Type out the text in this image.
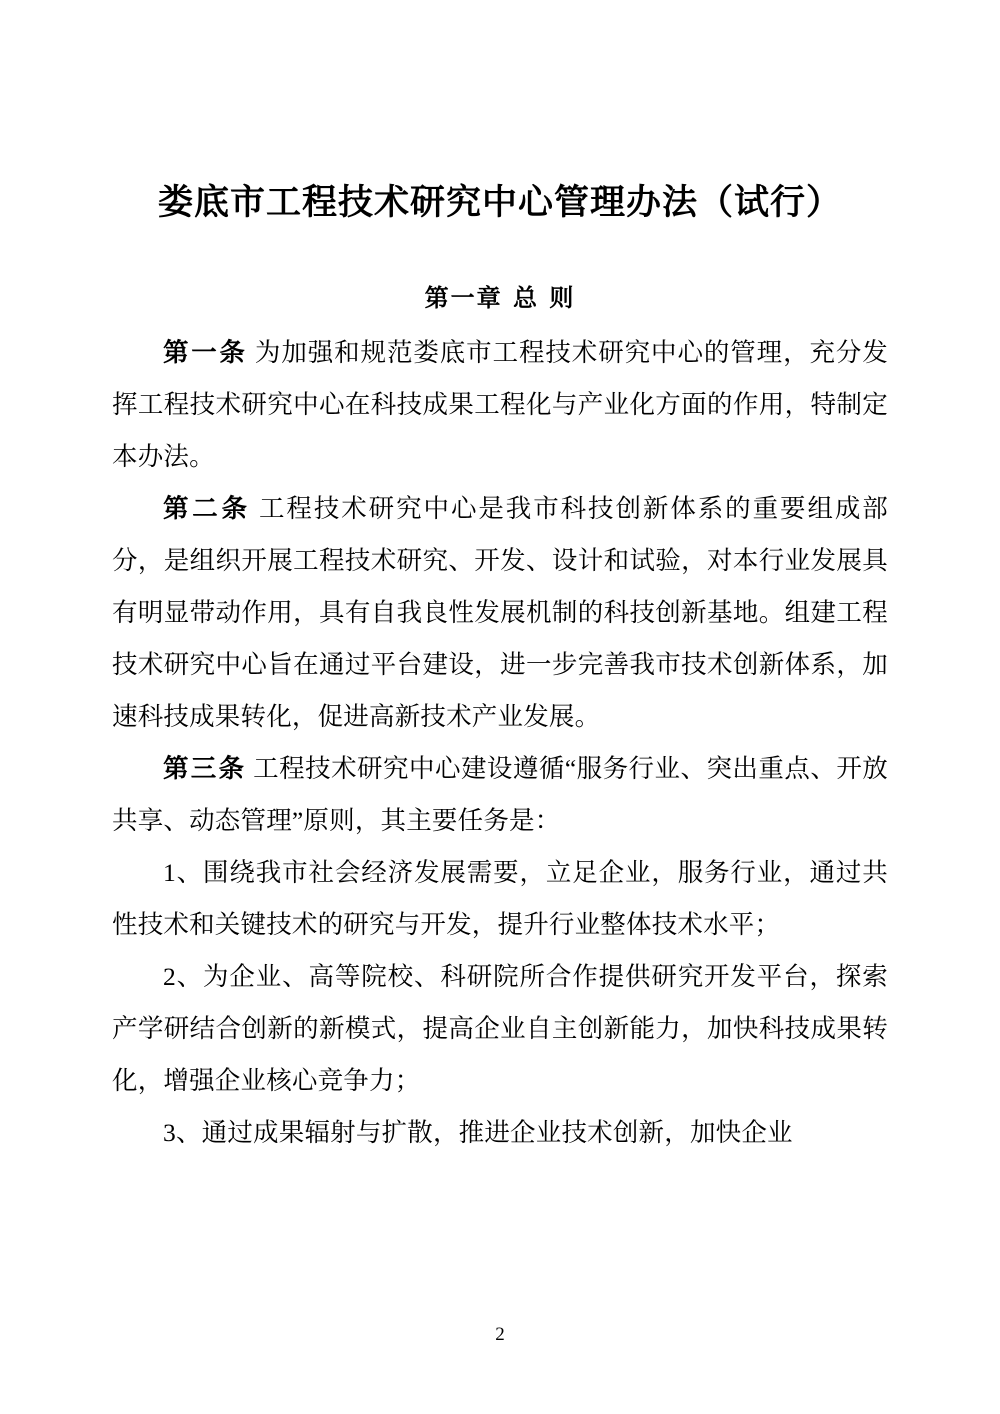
娄底市工程技术研究中心管理办法（试行）
第一章 总 则

第一条 为加强和规范娄底市工程技术研究中心的管理，充分发挥工程技术研究中心在科技成果工程化与产业化方面的作用，特制定本办法。

第二条 工程技术研究中心是我市科技创新体系的重要组成部分，是组织开展工程技术研究、开发、设计和试验，对本行业发展具有明显带动作用，具有自我良性发展机制的科技创新基地。组建工程技术研究中心旨在通过平台建设，进一步完善我市技术创新体系，加速科技成果转化，促进高新技术产业发展。

第三条 工程技术研究中心建设遵循“服务行业、突出重点、开放共享、动态管理”原则，其主要任务是：

1、围绕我市社会经济发展需要，立足企业，服务行业，通过共性技术和关键技术的研究与开发，提升行业整体技术水平；

2、为企业、高等院校、科研院所合作提供研究开发平台，探索产学研结合创新的新模式，提高企业自主创新能力，加快科技成果转化，增强企业核心竞争力；

3、通过成果辐射与扩散，推进企业技术创新，加快企业

2
